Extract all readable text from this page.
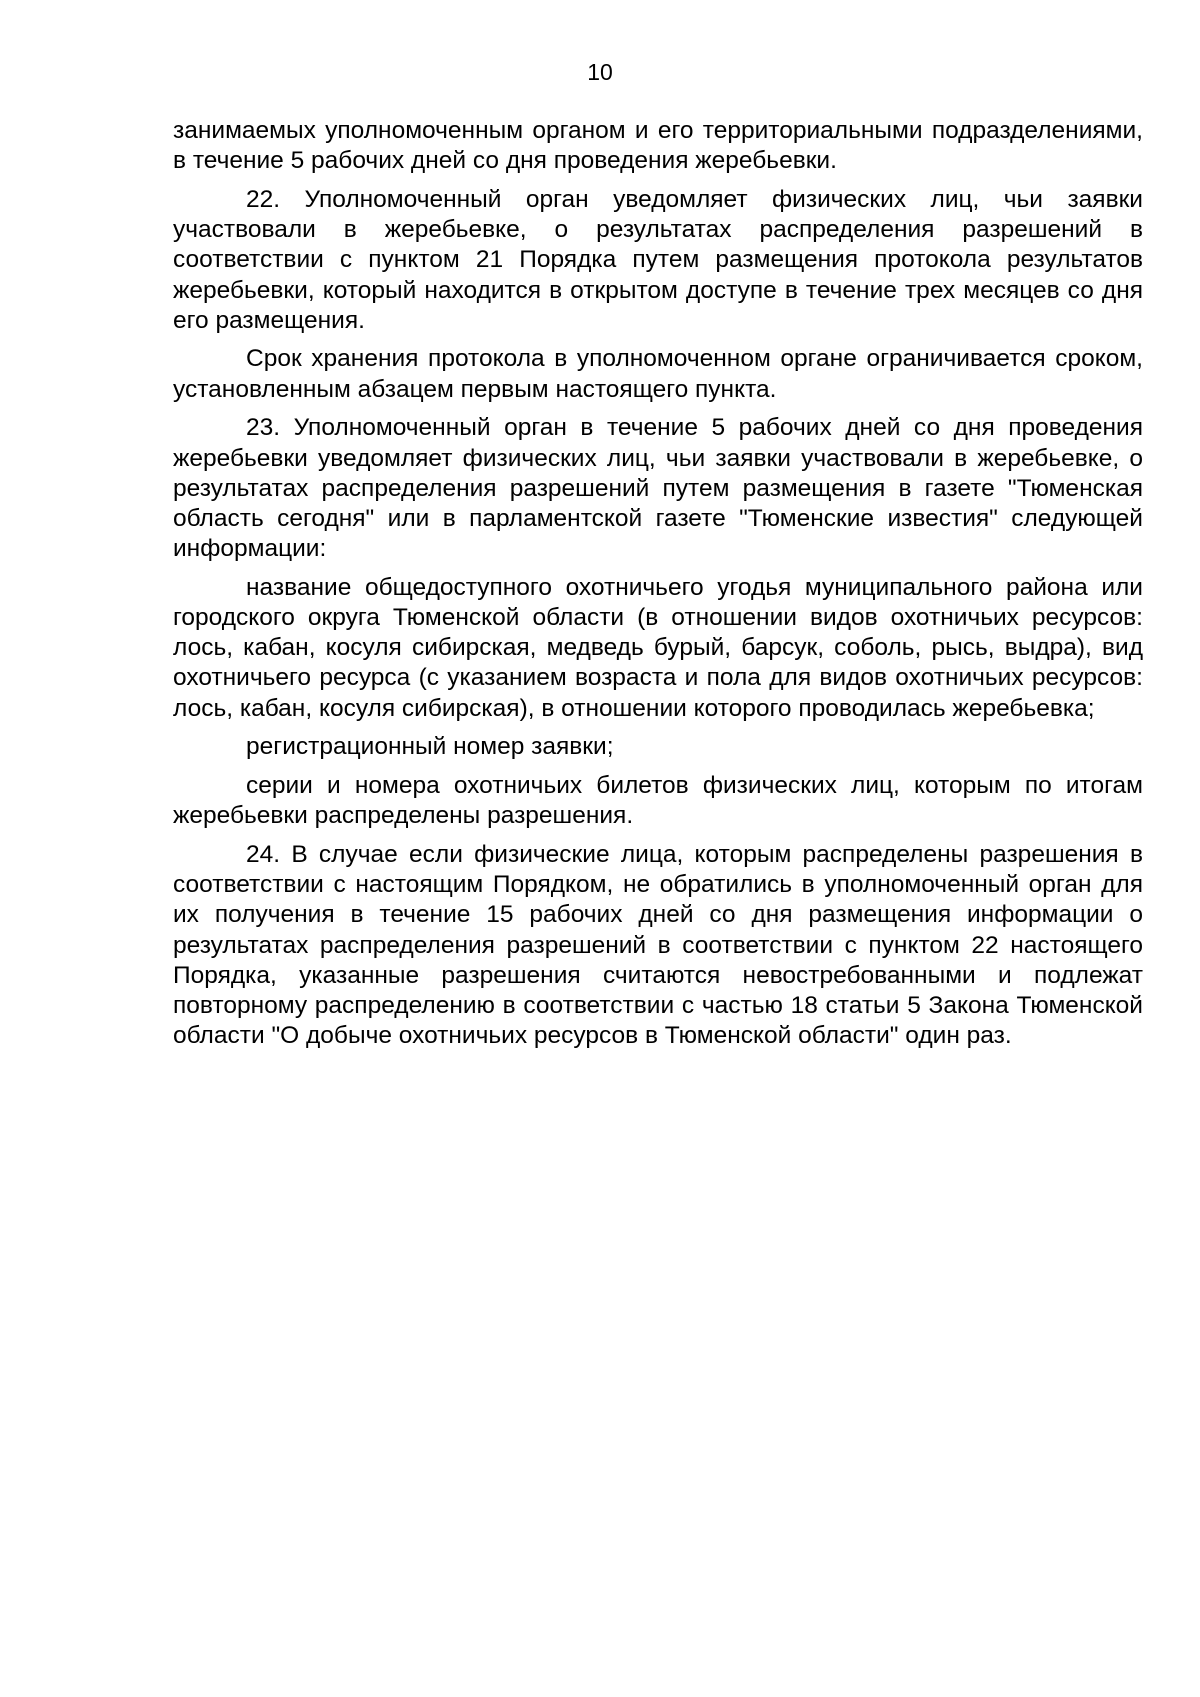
10

занимаемых уполномоченным органом и его территориальными подразделениями, в течение 5 рабочих дней со дня проведения жеребьевки.

22. Уполномоченный орган уведомляет физических лиц, чьи заявки участвовали в жеребьевке, о результатах распределения разрешений в соответствии с пунктом 21 Порядка путем размещения протокола результатов жеребьевки, который находится в открытом доступе в течение трех месяцев со дня его размещения.

Срок хранения протокола в уполномоченном органе ограничивается сроком, установленным абзацем первым настоящего пункта.

23. Уполномоченный орган в течение 5 рабочих дней со дня проведения жеребьевки уведомляет физических лиц, чьи заявки участвовали в жеребьевке, о результатах распределения разрешений путем размещения в газете "Тюменская область сегодня" или в парламентской газете "Тюменские известия" следующей информации:

название общедоступного охотничьего угодья муниципального района или городского округа Тюменской области (в отношении видов охотничьих ресурсов: лось, кабан, косуля сибирская, медведь бурый, барсук, соболь, рысь, выдра), вид охотничьего ресурса (с указанием возраста и пола для видов охотничьих ресурсов: лось, кабан, косуля сибирская), в отношении которого проводилась жеребьевка;

регистрационный номер заявки;

серии и номера охотничьих билетов физических лиц, которым по итогам жеребьевки распределены разрешения.

24. В случае если физические лица, которым распределены разрешения в соответствии с настоящим Порядком, не обратились в уполномоченный орган для их получения в течение 15 рабочих дней со дня размещения информации о результатах распределения разрешений в соответствии с пунктом 22 настоящего Порядка, указанные разрешения считаются невостребованными и подлежат повторному распределению в соответствии с частью 18 статьи 5 Закона Тюменской области "О добыче охотничьих ресурсов в Тюменской области" один раз.
